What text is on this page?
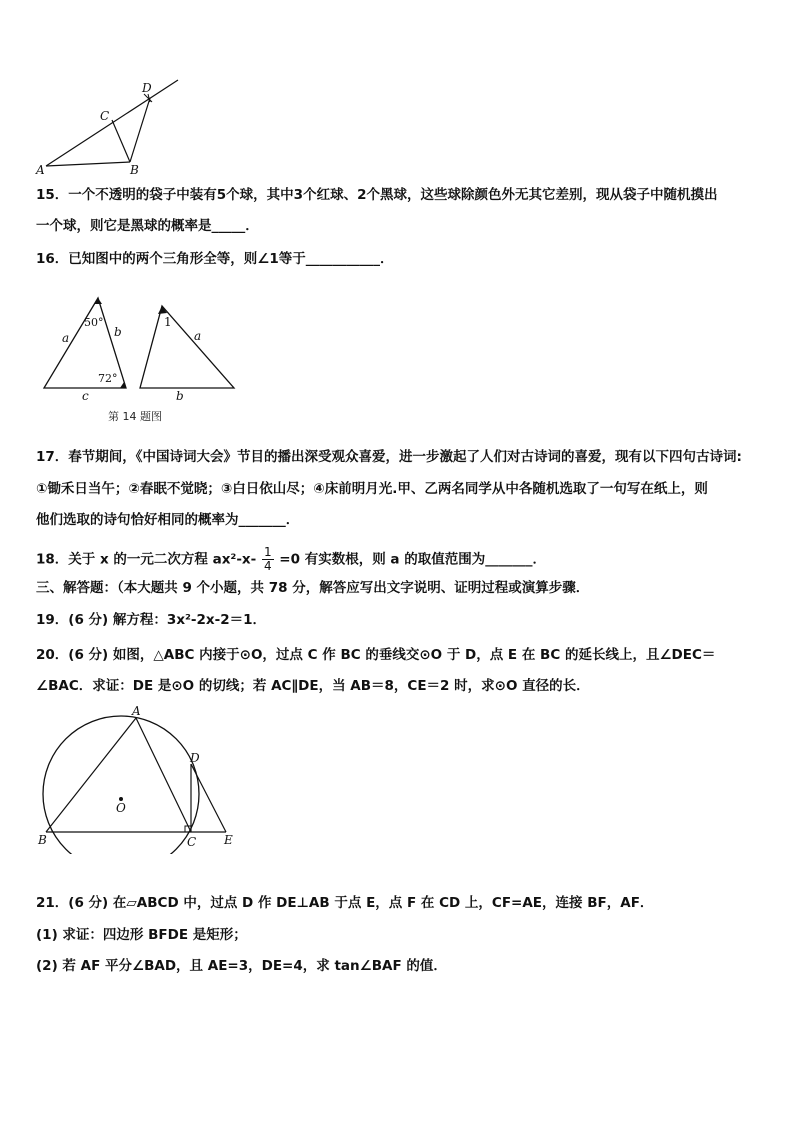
A	B
C
D
15．一个不透明的袋子中装有5个球，其中3个红球、2个黑球，这些球除颜色外无其它差别，现从袋子中随机摸出
一个球，则它是黑球的概率是_____．
16．已知图中的两个三角形全等，则∠1等于___________．
50°
72°
a	b
c
1
a
b
第 14 题图
17．春节期间，《中国诗词大会》节目的播出深受观众喜爱，进一步激起了人们对古诗词的喜爱，现有以下四句古诗词:
①锄禾日当午；②春眠不觉晓；③白日依山尽；④床前明月光.甲、乙两名同学从中各随机选取了一句写在纸上，则
他们选取的诗句恰好相同的概率为_______．
18．关于 x 的一元二次方程 $ax^2-x- \frac{1}{4} =0$ 有实数根，则 a 的取值范围为_______．
三、解答题：（本大题共 9 个小题，共 78 分，解答应写出文字说明、证明过程或演算步骤．
19．(6 分) 解方程：3x²-2x-2＝1．
20．(6 分) 如图，△ABC 内接于⊙O，过点 C 作 BC 的垂线交⊙O 于 D，点 E 在 BC 的延长线上，且∠DEC＝
∠BAC．求证：DE 是⊙O 的切线；若 AC∥DE，当 AB＝8，CE＝2 时，求⊙O 直径的长．
A
B	C
D
E
O
21．(6 分) 在▱ABCD 中，过点 D 作 DE⊥AB 于点 E，点 F 在 CD 上，CF=AE，连接 BF，AF．
(1) 求证：四边形 BFDE 是矩形；
(2) 若 AF 平分∠BAD，且 AE=3，DE=4，求 tan∠BAF 的值．
